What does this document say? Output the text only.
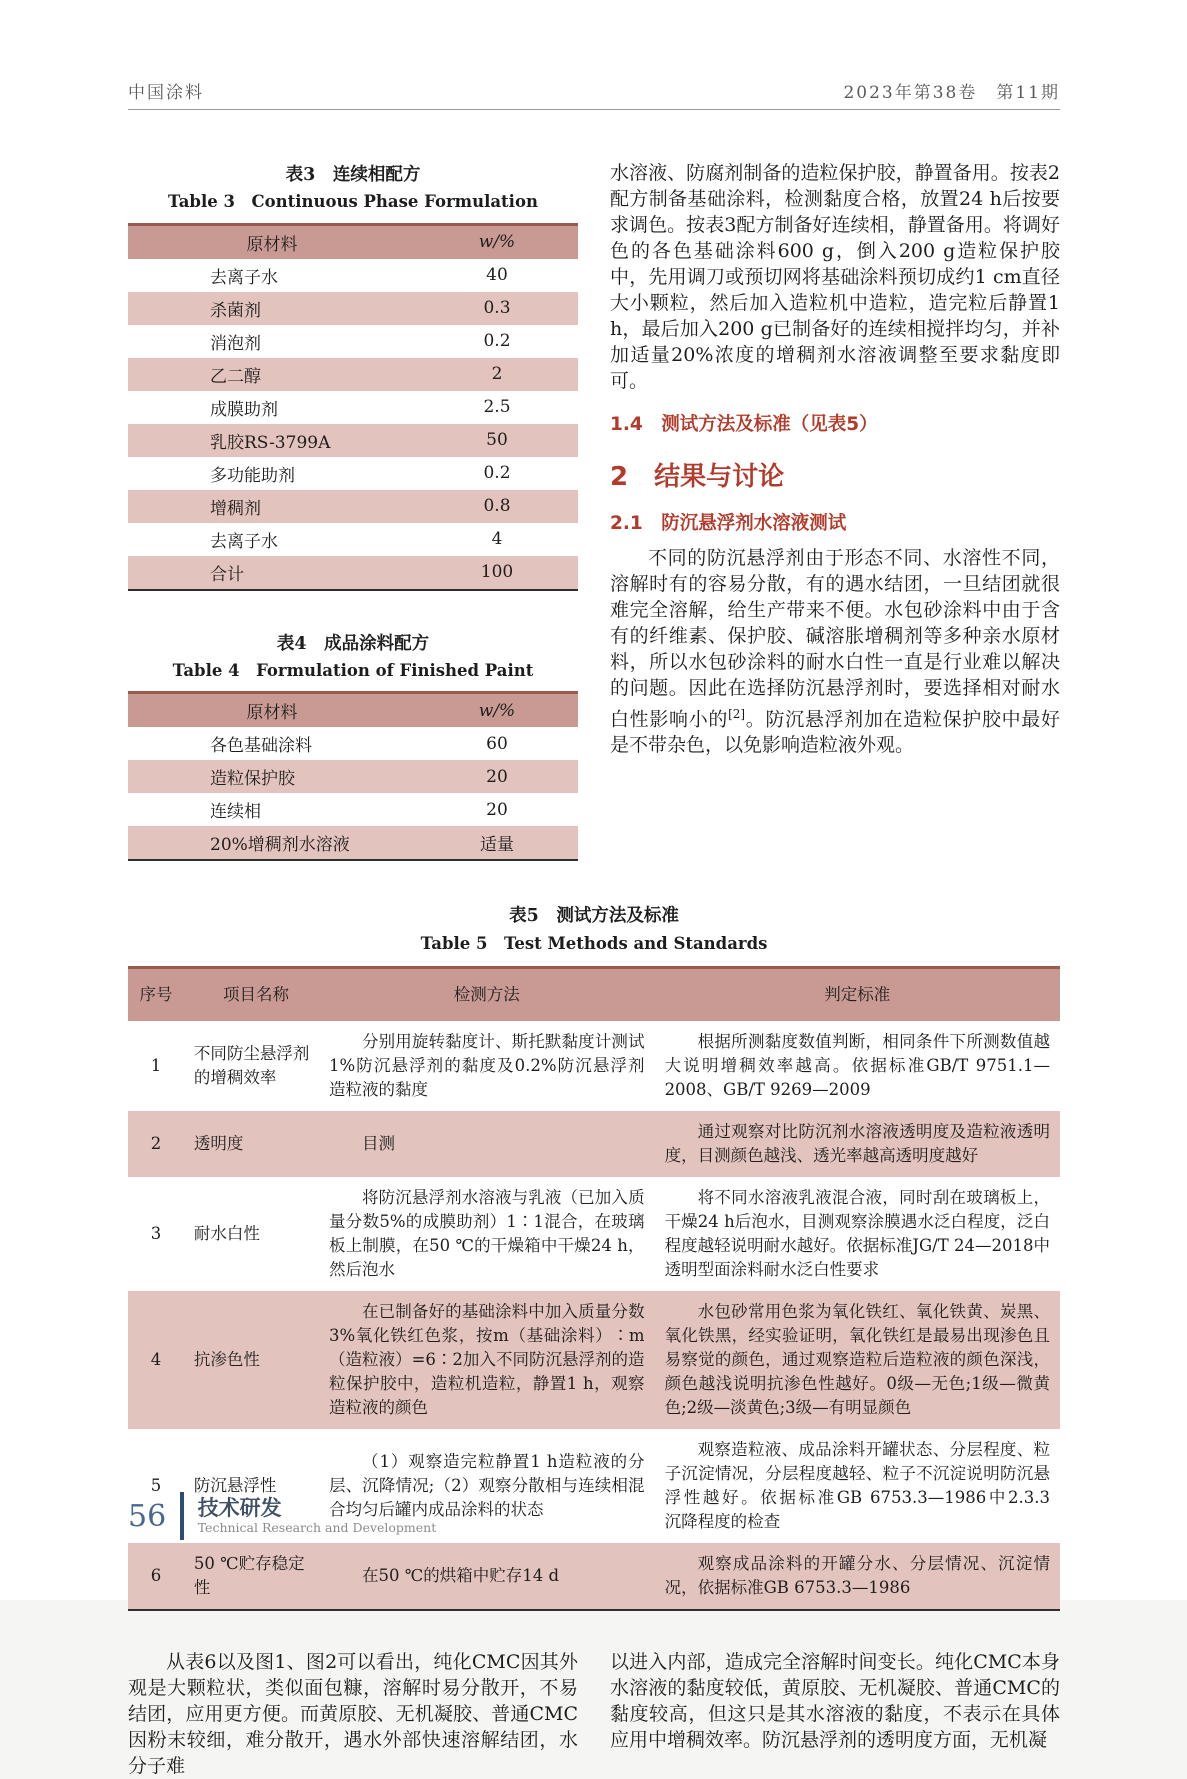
中国涂料	2023年第38卷　第11期
表3　连续相配方
Table 3　Continuous Phase Formulation
原材料	w/%
去离子水	40
杀菌剂	0.3
消泡剂	0.2
乙二醇	2
成膜助剂	2.5
乳胶RS-3799A	50
多功能助剂	0.2
增稠剂	0.8
去离子水	4
合计	100
表4　成品涂料配方
Table 4　Formulation of Finished Paint
原材料	w/%
各色基础涂料	60
造粒保护胶	20
连续相	20
20%增稠剂水溶液	适量

水溶液、防腐剂制备的造粒保护胶，静置备用。按表2配方制备基础涂料，检测黏度合格，放置24 h后按要求调色。按表3配方制备好连续相，静置备用。将调好色的各色基础涂料600 g，倒入200 g造粒保护胶中，先用调刀或预切网将基础涂料预切成约1 cm直径大小颗粒，然后加入造粒机中造粒，造完粒后静置1 h，最后加入200 g已制备好的连续相搅拌均匀，并补加适量20%浓度的增稠剂水溶液调整至要求黏度即可。

1.4　测试方法及标准（见表5）
2　结果与讨论
2.1　防沉悬浮剂水溶液测试

不同的防沉悬浮剂由于形态不同、水溶性不同，溶解时有的容易分散，有的遇水结团，一旦结团就很难完全溶解，给生产带来不便。水包砂涂料中由于含有的纤维素、保护胶、碱溶胀增稠剂等多种亲水原材料，所以水包砂涂料的耐水白性一直是行业难以解决的问题。因此在选择防沉悬浮剂时，要选择相对耐水白性影响小的[2]。防沉悬浮剂加在造粒保护胶中最好是不带杂色，以免影响造粒液外观。

表5　测试方法及标准
Table 5　Test Methods and Standards
序号	项目名称	检测方法	判定标准
1	不同防尘悬浮剂的增稠效率	分别用旋转黏度计、斯托默黏度计测试1%防沉悬浮剂的黏度及0.2%防沉悬浮剂造粒液的黏度	根据所测黏度数值判断，相同条件下所测数值越大说明增稠效率越高。依据标准GB/T 9751.1—2008、GB/T 9269—2009
2	透明度	目测	通过观察对比防沉剂水溶液透明度及造粒液透明度，目测颜色越浅、透光率越高透明度越好
3	耐水白性	将防沉悬浮剂水溶液与乳液（已加入质量分数5%的成膜助剂）1∶1混合，在玻璃板上制膜，在50 ℃的干燥箱中干燥24 h，然后泡水	将不同水溶液乳液混合液，同时刮在玻璃板上，干燥24 h后泡水，目测观察涂膜遇水泛白程度，泛白程度越轻说明耐水越好。依据标准JG/T 24—2018中透明型面涂料耐水泛白性要求
4	抗渗色性	在已制备好的基础涂料中加入质量分数3%氧化铁红色浆，按m（基础涂料）∶m（造粒液）=6∶2加入不同防沉悬浮剂的造粒保护胶中，造粒机造粒，静置1 h，观察造粒液的颜色	水包砂常用色浆为氧化铁红、氧化铁黄、炭黑、氧化铁黑，经实验证明，氧化铁红是最易出现渗色且易察觉的颜色，通过观察造粒后造粒液的颜色深浅，颜色越浅说明抗渗色性越好。0级—无色;1级—微黄色;2级—淡黄色;3级—有明显颜色
5	防沉悬浮性	（1）观察造完粒静置1 h造粒液的分层、沉降情况;（2）观察分散相与连续相混合均匀后罐内成品涂料的状态	观察造粒液、成品涂料开罐状态、分层程度、粒子沉淀情况，分层程度越轻、粒子不沉淀说明防沉悬浮性越好。依据标准GB 6753.3—1986中2.3.3　沉降程度的检查
6	50 ℃贮存稳定性	在50 ℃的烘箱中贮存14 d	观察成品涂料的开罐分水、分层情况、沉淀情况，依据标准GB 6753.3—1986

从表6以及图1、图2可以看出，纯化CMC因其外观是大颗粒状，类似面包糠，溶解时易分散开，不易结团，应用更方便。而黄原胶、无机凝胶、普通CMC因粉末较细，难分散开，遇水外部快速溶解结团，水分子难

以进入内部，造成完全溶解时间变长。纯化CMC本身水溶液的黏度较低，黄原胶、无机凝胶、普通CMC的黏度较高，但这只是其水溶液的黏度，不表示在具体应用中增稠效率。防沉悬浮剂的透明度方面，无机凝

56 技术研发
Technical Research and Development
